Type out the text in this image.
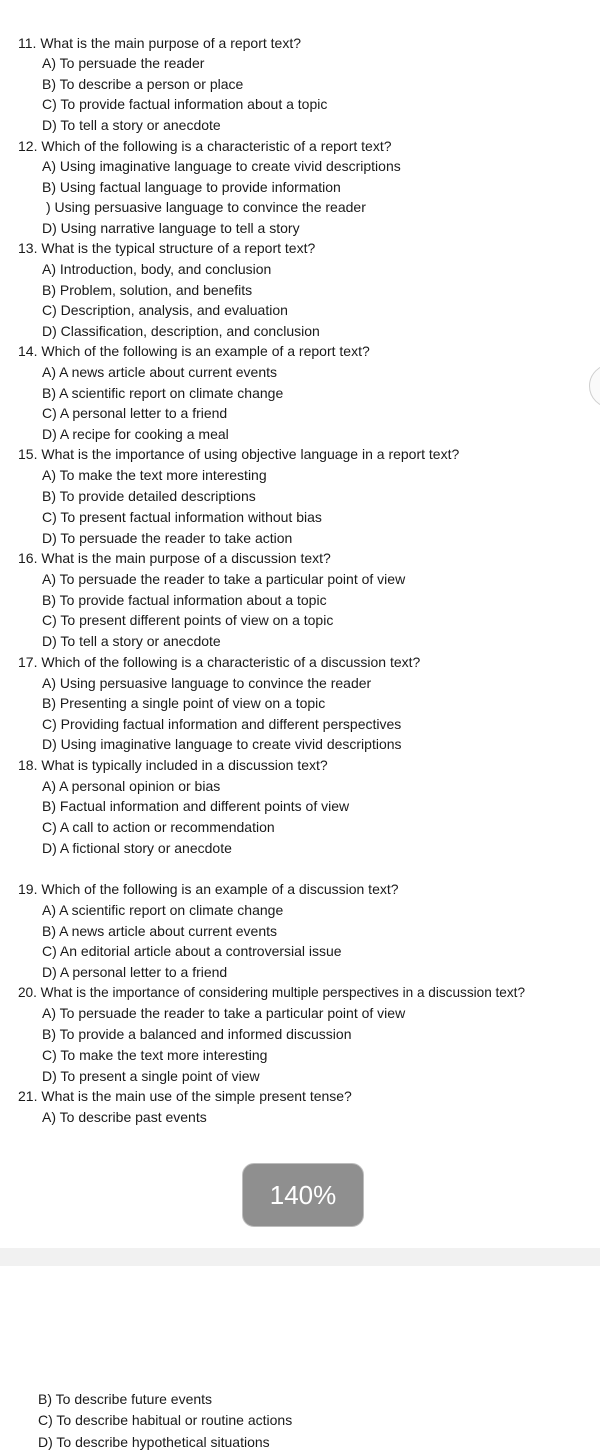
11. What is the main purpose of a report text?
A) To persuade the reader
B) To describe a person or place
C) To provide factual information about a topic
D) To tell a story or anecdote
12. Which of the following is a characteristic of a report text?
A) Using imaginative language to create vivid descriptions
B) Using factual language to provide information
) Using persuasive language to convince the reader
D) Using narrative language to tell a story
13. What is the typical structure of a report text?
A) Introduction, body, and conclusion
B) Problem, solution, and benefits
C) Description, analysis, and evaluation
D) Classification, description, and conclusion
14. Which of the following is an example of a report text?
A) A news article about current events
B) A scientific report on climate change
C) A personal letter to a friend
D) A recipe for cooking a meal
15. What is the importance of using objective language in a report text?
A) To make the text more interesting
B) To provide detailed descriptions
C) To present factual information without bias
D) To persuade the reader to take action
16. What is the main purpose of a discussion text?
A) To persuade the reader to take a particular point of view
B) To provide factual information about a topic
C) To present different points of view on a topic
D) To tell a story or anecdote
17. Which of the following is a characteristic of a discussion text?
A) Using persuasive language to convince the reader
B) Presenting a single point of view on a topic
C) Providing factual information and different perspectives
D) Using imaginative language to create vivid descriptions
18. What is typically included in a discussion text?
A) A personal opinion or bias
B) Factual information and different points of view
C) A call to action or recommendation
D) A fictional story or anecdote
19. Which of the following is an example of a discussion text?
A) A scientific report on climate change
B) A news article about current events
C) An editorial article about a controversial issue
D) A personal letter to a friend
20. What is the importance of considering multiple perspectives in a discussion text?
A) To persuade the reader to take a particular point of view
B) To provide a balanced and informed discussion
C) To make the text more interesting
D) To present a single point of view
21. What is the main use of the simple present tense?
A) To describe past events
140%
B) To describe future events
C) To describe habitual or routine actions
D) To describe hypothetical situations
